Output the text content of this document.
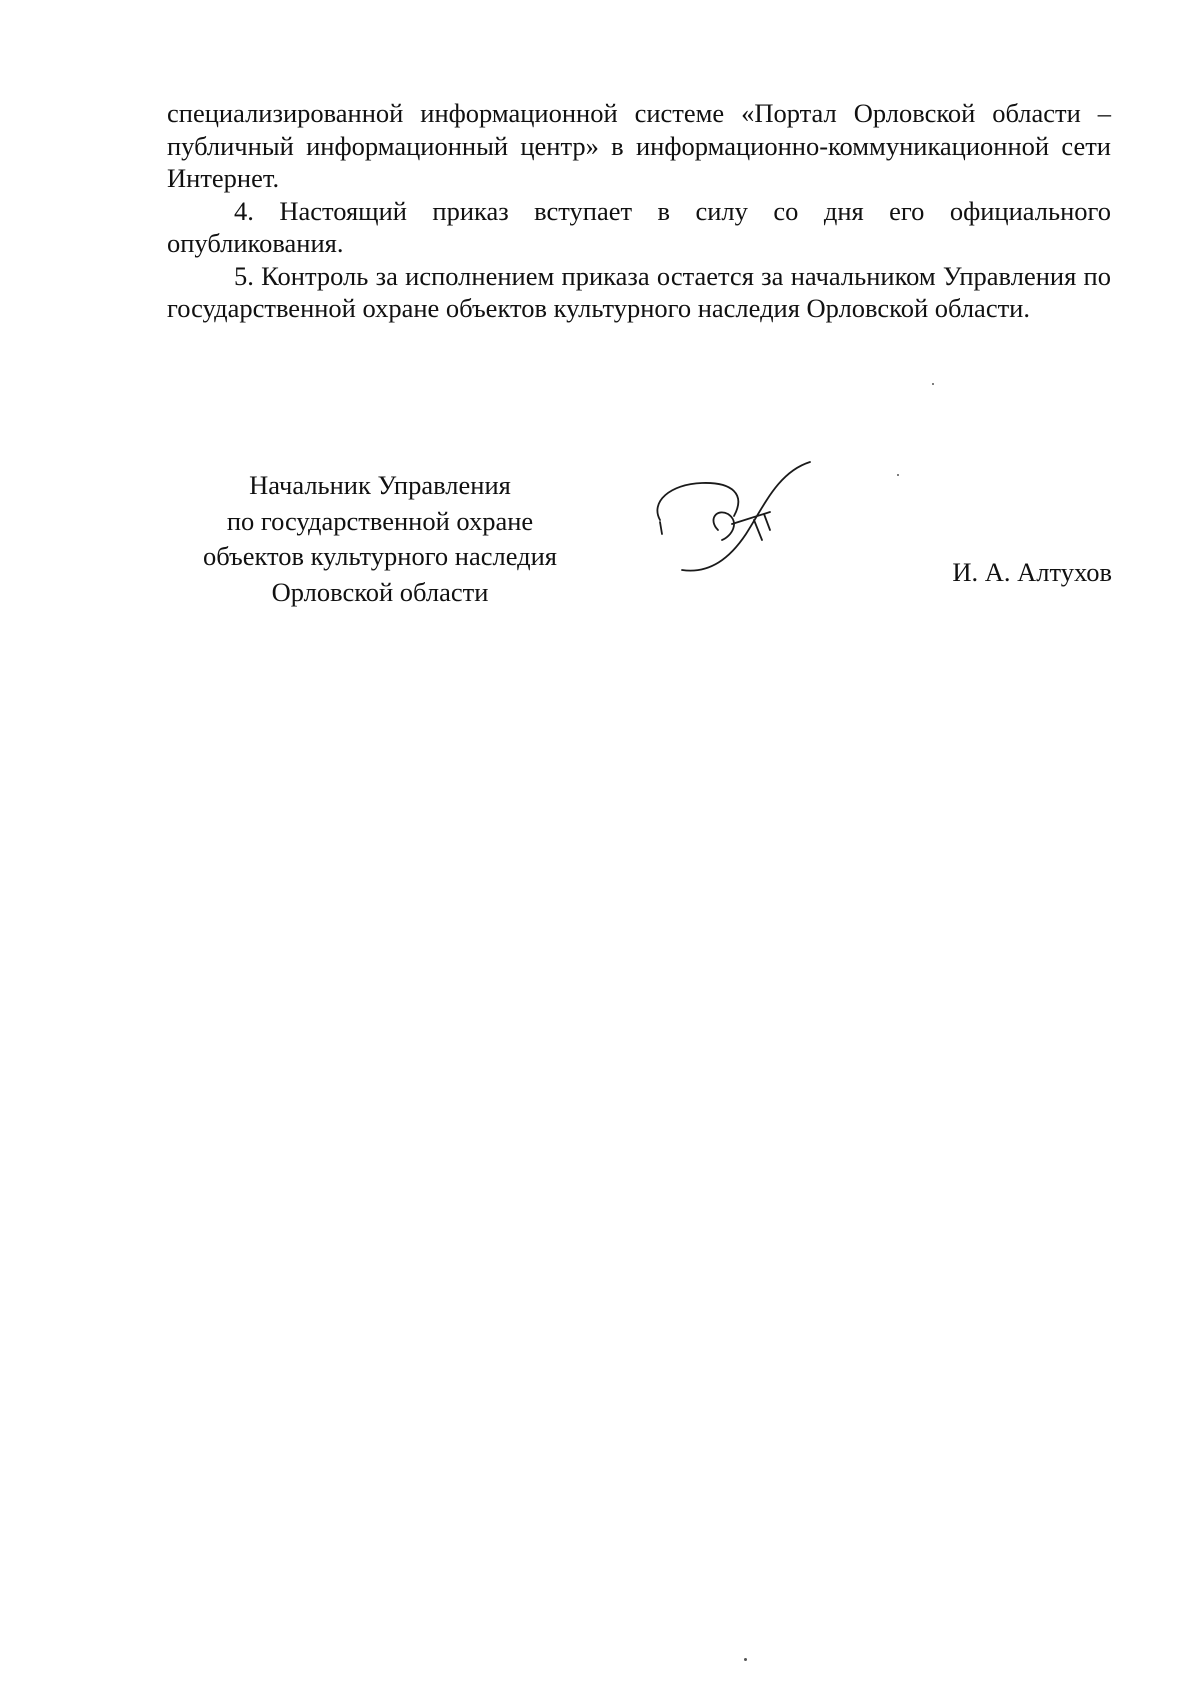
специализированной информационной системе «Портал Орловской области – публичный информационный центр» в информационно-коммуникационной сети Интернет.

4. Настоящий приказ вступает в силу со дня его официального опубликования.

5. Контроль за исполнением приказа остается за начальником Управления по государственной охране объектов культурного наследия Орловской области.

Начальник Управления
по государственной охране
объектов культурного наследия
Орловской области
И. А. Алтухов
